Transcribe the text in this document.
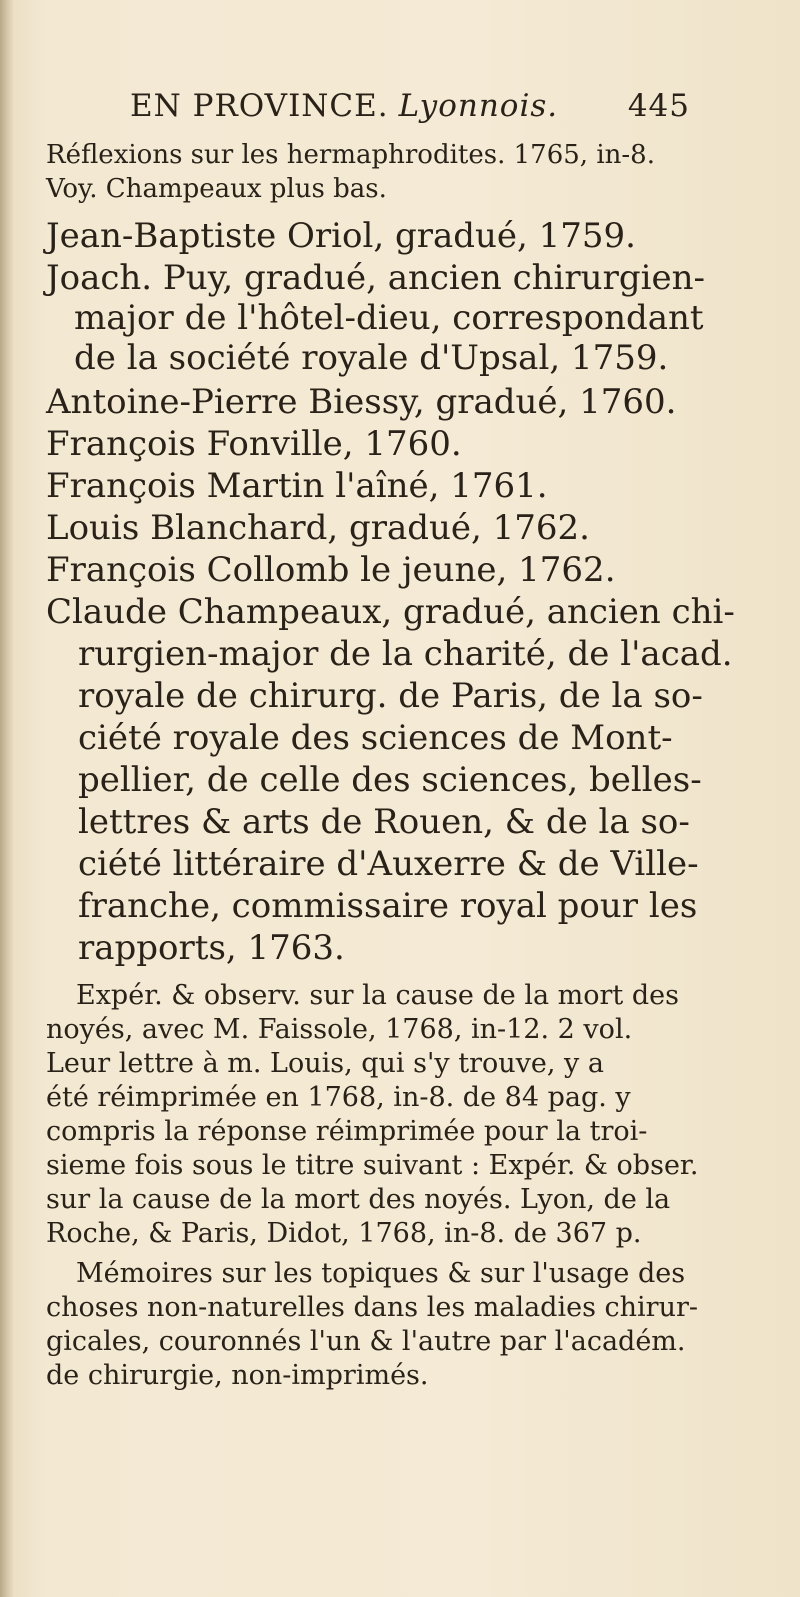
EN PROVINCE. Lyonnois. 445
Réflexions sur les hermaphrodites. 1765, in-8.
Voy. Champeaux plus bas.
Jean-Baptiste Oriol, gradué, 1759.
Joach. Puy, gradué, ancien chirurgien-
major de l'hôtel-dieu, correspondant
de la société royale d'Upsal, 1759.
Antoine-Pierre Biessy, gradué, 1760.
François Fonville, 1760.
François Martin l'aîné, 1761.
Louis Blanchard, gradué, 1762.
François Collomb le jeune, 1762.
Claude Champeaux, gradué, ancien chi-
rurgien-major de la charité, de l'acad.
royale de chirurg. de Paris, de la so-
ciété royale des sciences de Mont-
pellier, de celle des sciences, belles-
lettres & arts de Rouen, & de la so-
ciété littéraire d'Auxerre & de Ville-
franche, commissaire royal pour les
rapports, 1763.
Expér. & observ. sur la cause de la mort des
noyés, avec M. Faissole, 1768, in-12. 2 vol.
Leur lettre à m. Louis, qui s'y trouve, y a
été réimprimée en 1768, in-8. de 84 pag. y
compris la réponse réimprimée pour la troi-
sieme fois sous le titre suivant : Expér. & obser.
sur la cause de la mort des noyés. Lyon, de la
Roche, & Paris, Didot, 1768, in-8. de 367 p.
Mémoires sur les topiques & sur l'usage des
choses non-naturelles dans les maladies chirur-
gicales, couronnés l'un & l'autre par l'académ.
de chirurgie, non-imprimés.
